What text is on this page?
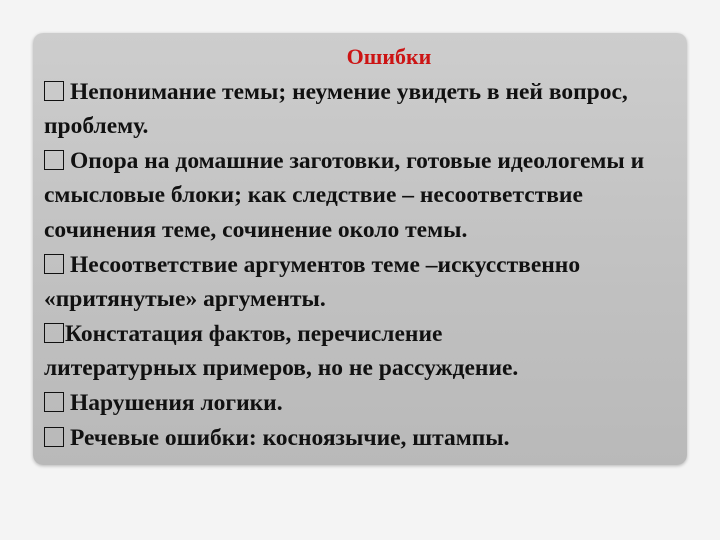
Ошибки
Непонимание темы; неумение увидеть в ней вопрос, проблему.
Опора на домашние заготовки, готовые идеологемы и смысловые блоки; как следствие – несоответствие сочинения теме, сочинение около темы.
Несоответствие аргументов теме –искусственно «притянутые» аргументы.
Констатация фактов, перечисление литературных примеров, но не рассуждение.
Нарушения логики.
Речевые ошибки: косноязычие, штампы.
